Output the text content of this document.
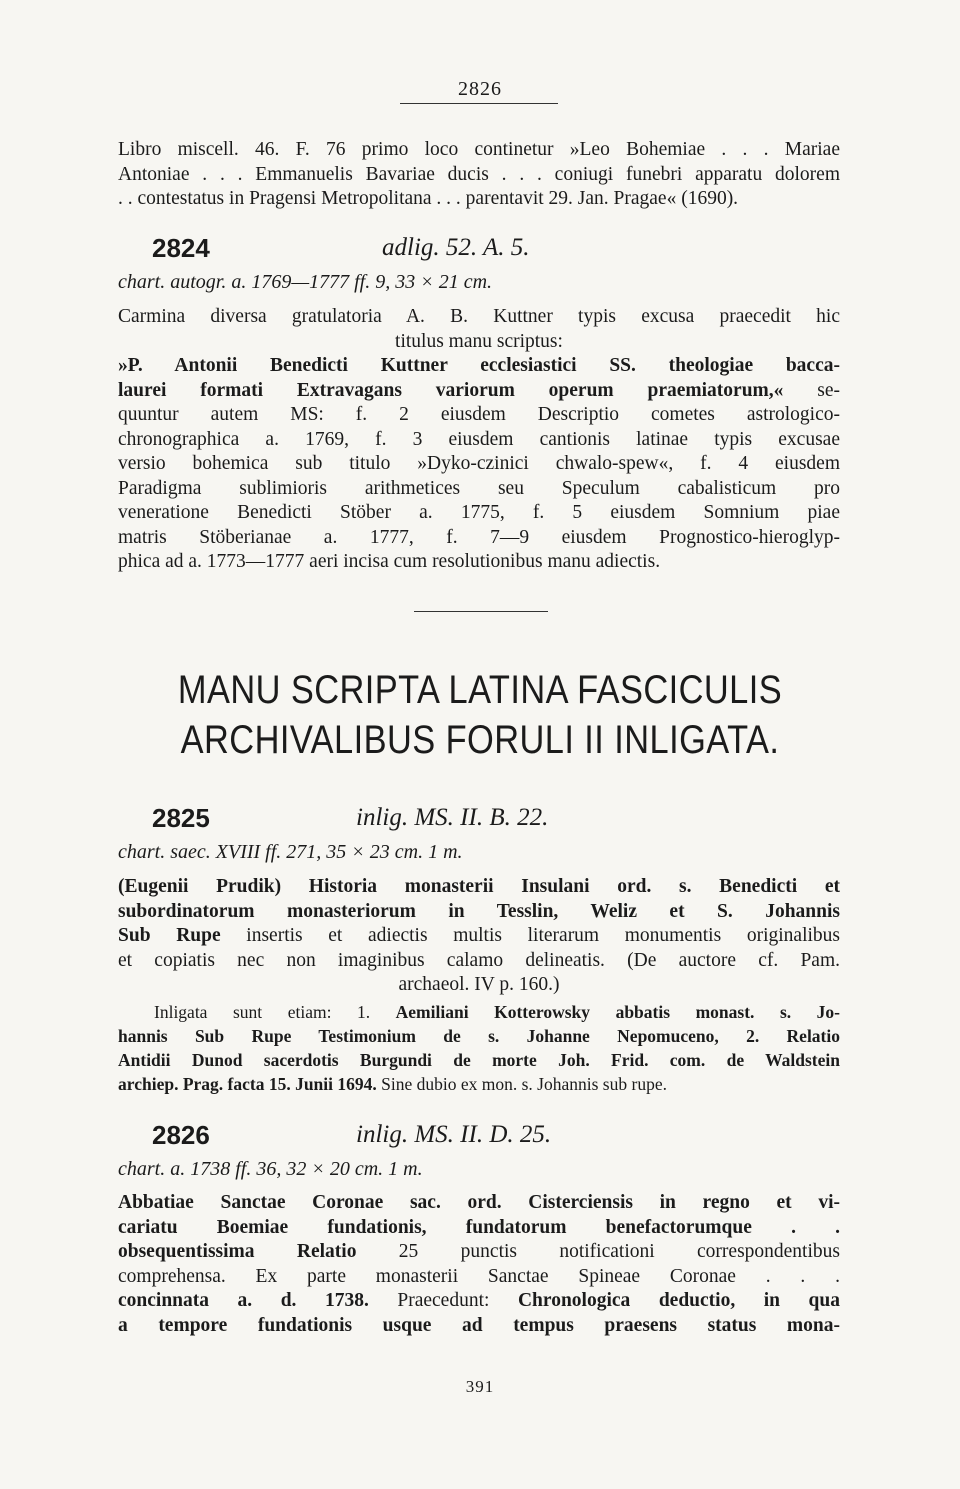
2826
Libro miscell. 46. F. 76 primo loco continetur »Leo Bohemiae . . . Mariae
Antoniae . . . Emmanuelis Bavariae ducis . . . coniugi funebri apparatu dolorem
. . contestatus in Pragensi Metropolitana . . . parentavit 29. Jan. Pragae« (1690).
2824	adlig. 52. A. 5.
chart. autogr. a. 1769—1777 ff. 9, 33 × 21 cm.
Carmina diversa gratulatoria A. B. Kuttner typis excusa praecedit hic
titulus manu scriptus:
»P. Antonii Benedicti Kuttner ecclesiastici SS. theologiae bacca-
laurei formati Extravagans variorum operum praemiatorum,« se-
quuntur autem MS: f. 2 eiusdem Descriptio cometes astrologico-
chronographica a. 1769, f. 3 eiusdem cantionis latinae typis excusae
versio bohemica sub titulo »Dyko-czinici chwalo-spew«, f. 4 eiusdem
Paradigma sublimioris arithmetices seu Speculum cabalisticum pro
veneratione Benedicti Stöber a. 1775, f. 5 eiusdem Somnium piae
matris Stöberianae a. 1777, f. 7—9 eiusdem Prognostico-hieroglyp-
phica ad a. 1773—1777 aeri incisa cum resolutionibus manu adiectis.
MANU SCRIPTA LATINA FASCICULIS
ARCHIVALIBUS FORULI II INLIGATA.
2825	inlig. MS. II. B. 22.
chart. saec. XVIII ff. 271, 35 × 23 cm. 1 m.
(Eugenii Prudik) Historia monasterii Insulani ord. s. Benedicti et
subordinatorum monasteriorum in Tesslin, Weliz et S. Johannis
Sub Rupe insertis et adiectis multis literarum monumentis originalibus
et copiatis nec non imaginibus calamo delineatis. (De auctore cf. Pam.
archaeol. IV p. 160.)
Inligata sunt etiam: 1. Aemiliani Kotterowsky abbatis monast. s. Jo-
hannis Sub Rupe Testimonium de s. Johanne Nepomuceno, 2. Relatio
Antidii Dunod sacerdotis Burgundi de morte Joh. Frid. com. de Waldstein
archiep. Prag. facta 15. Junii 1694. Sine dubio ex mon. s. Johannis sub rupe.
2826	inlig. MS. II. D. 25.
chart. a. 1738 ff. 36, 32 × 20 cm. 1 m.
Abbatiae Sanctae Coronae sac. ord. Cisterciensis in regno et vi-
cariatu Boemiae fundationis, fundatorum benefactorumque . .
obsequentissima Relatio 25 punctis notificationi correspondentibus
comprehensa. Ex parte monasterii Sanctae Spineae Coronae . . .
concinnata a. d. 1738. Praecedunt: Chronologica deductio, in qua
a tempore fundationis usque ad tempus praesens status mona-
391
